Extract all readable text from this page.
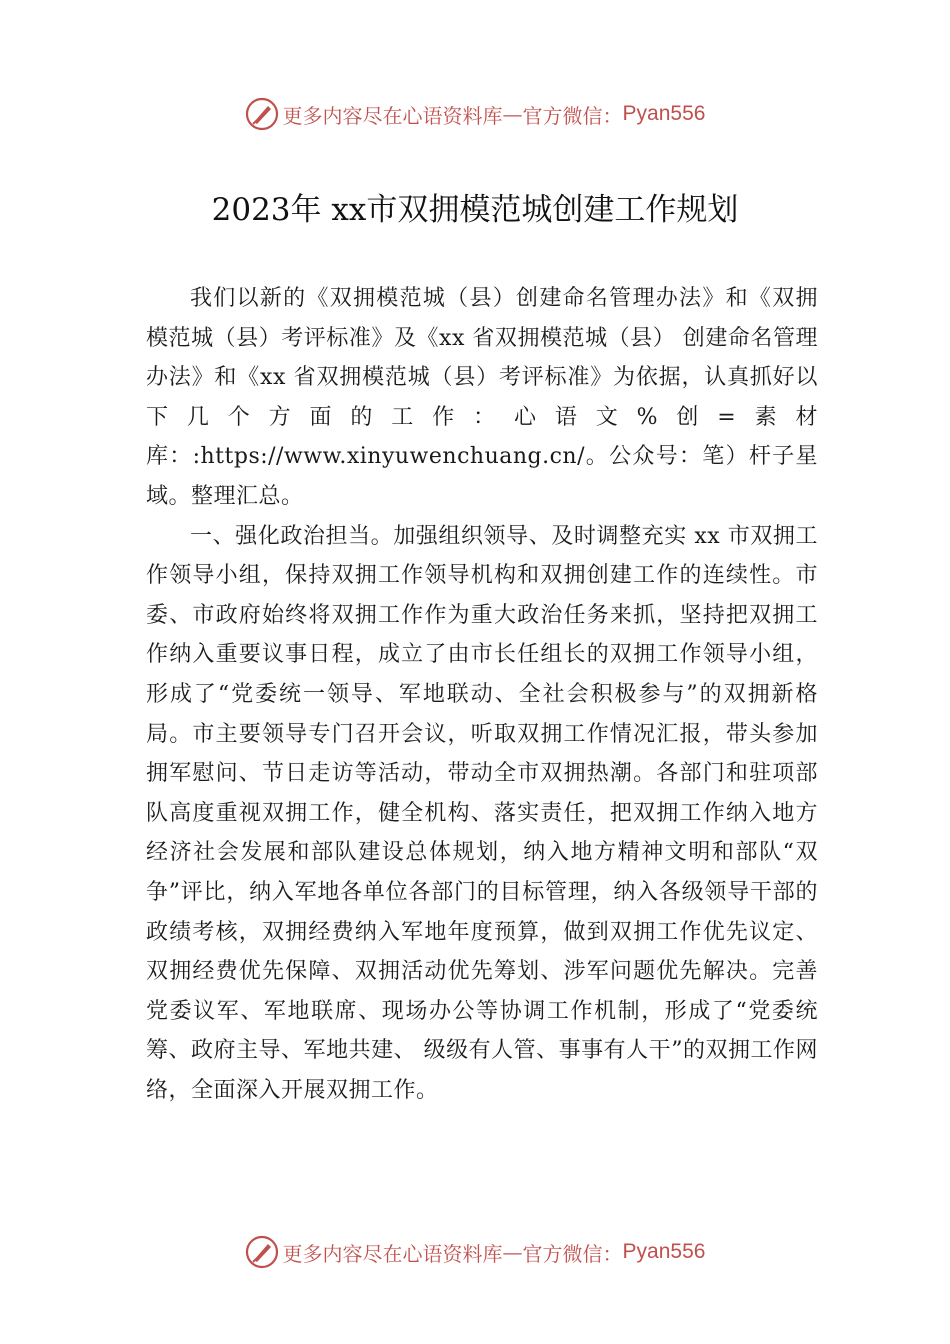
更多内容尽在心语资料库 — 官方微信： Pyan556
2023年 xx市双拥模范城创建工作规划

我们以新的《双拥模范城（县）创建命名管理办法》和《双拥模范城（县）考评标准》及《xx 省双拥模范城（县） 创建命名管理办法》和《xx 省双拥模范城（县）考评标准》为依据，认真抓好以下几个方面的工作：心语文%创=素材库：:https://www.xinyuwenchuang.cn/。公众号：笔）杆子星域。整理汇总。

一、强化政治担当。加强组织领导、及时调整充实 xx 市双拥工作领导小组，保持双拥工作领导机构和双拥创建工作的连续性。市委、市政府始终将双拥工作作为重大政治任务来抓，坚持把双拥工作纳入重要议事日程，成立了由市长任组长的双拥工作领导小组，形成了“党委统一领导、军地联动、全社会积极参与”的双拥新格局。市主要领导专门召开会议，听取双拥工作情况汇报，带头参加拥军慰问、节日走访等活动，带动全市双拥热潮。各部门和驻项部队高度重视双拥工作，健全机构、落实责任，把双拥工作纳入地方经济社会发展和部队建设总体规划，纳入地方精神文明和部队“双争”评比，纳入军地各单位各部门的目标管理，纳入各级领导干部的政绩考核，双拥经费纳入军地年度预算，做到双拥工作优先议定、双拥经费优先保障、双拥活动优先筹划、涉军问题优先解决。完善党委议军、军地联席、现场办公等协调工作机制，形成了“党委统筹、政府主导、军地共建、 级级有人管、事事有人干”的双拥工作网络，全面深入开展双拥工作。

更多内容尽在心语资料库 — 官方微信： Pyan556
